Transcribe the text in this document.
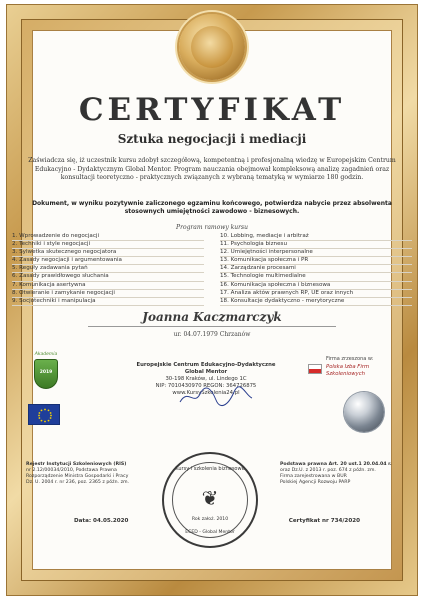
CERTYFIKAT
Sztuka negocjacji i mediacji
Zaświadcza się, iż uczestnik kursu zdobył szczegółową, kompetentną i profesjonalną wiedzę w Europejskim Centrum Edukacyjno - Dydaktycznym Global Mentor. Program nauczania obejmował kompleksową analizę zagadnień oraz konsultacji teoretyczno - praktycznych związanych z wybraną tematyką w wymiarze 180 godzin.
Dokument, w wyniku pozytywnie zaliczonego egzaminu końcowego, potwierdza nabycie przez absolwenta stosownych umiejętności zawodowo - biznesowych.
Program ramowy kursu
1. Wprowadzenie do negocjacji
2. Techniki i style negocjacji
3. Sylwetka skutecznego negocjatora
4. Zasady negocjacji i argumentowania
5. Reguły zadawania pytań
6. Zasady prawidłowego słuchania
7. Komunikacja asertywna
8. Otwieranie i zamykanie negocjacji
9. Socjotechniki i manipulacja
10. Lobbing, mediacje i arbitraż
11. Psychologia biznesu
12. Umiejętności interpersonalne
13. Komunikacja społeczna i PR
14. Zarządzanie procesami
15. Technologie multimedialne
16. Komunikacja społeczna i biznesowa
17. Analiza aktów prawnych RP, UE oraz innych
18. Konsultacje dydaktyczno - merytoryczne
Joanna Kaczmarczyk
ur. 04.07.1979 Chrzanów
Akademia
2019
Europejskie Centrum Edukacyjno-Dydaktyczne
Global Mentor
30-198 Kraków, ul. Lindego 1C
NIP: 7010430970 REGON: 364726875
www.KursySzkolenia24.pl
Firma zrzeszona w:
Polska Izba Firm Szkoleniowych
Kursy i szkolenia biznesowe
❦
Rok założ. 2010
ECED - Global Mentor
Rejestr Instytucji Szkoleniowych (RIS)
nr 2.12/00034/2010, Podstawa Prawna
Rozporządzenie Ministra Gospodarki i Pracy
Dz. U. 2004 r. nr 236, poz. 2365 z późn. zm.
Podstawa prawna Art. 20 ust.1 20.04.04 r.
oraz Dz.U. z 2013 r. poz. 674 z późn. zm.
Firma zarejestrowana w BUR
Polskiej Agencji Rozwoju PARP
Data: 04.05.2020	Certyfikat nr 734/2020
